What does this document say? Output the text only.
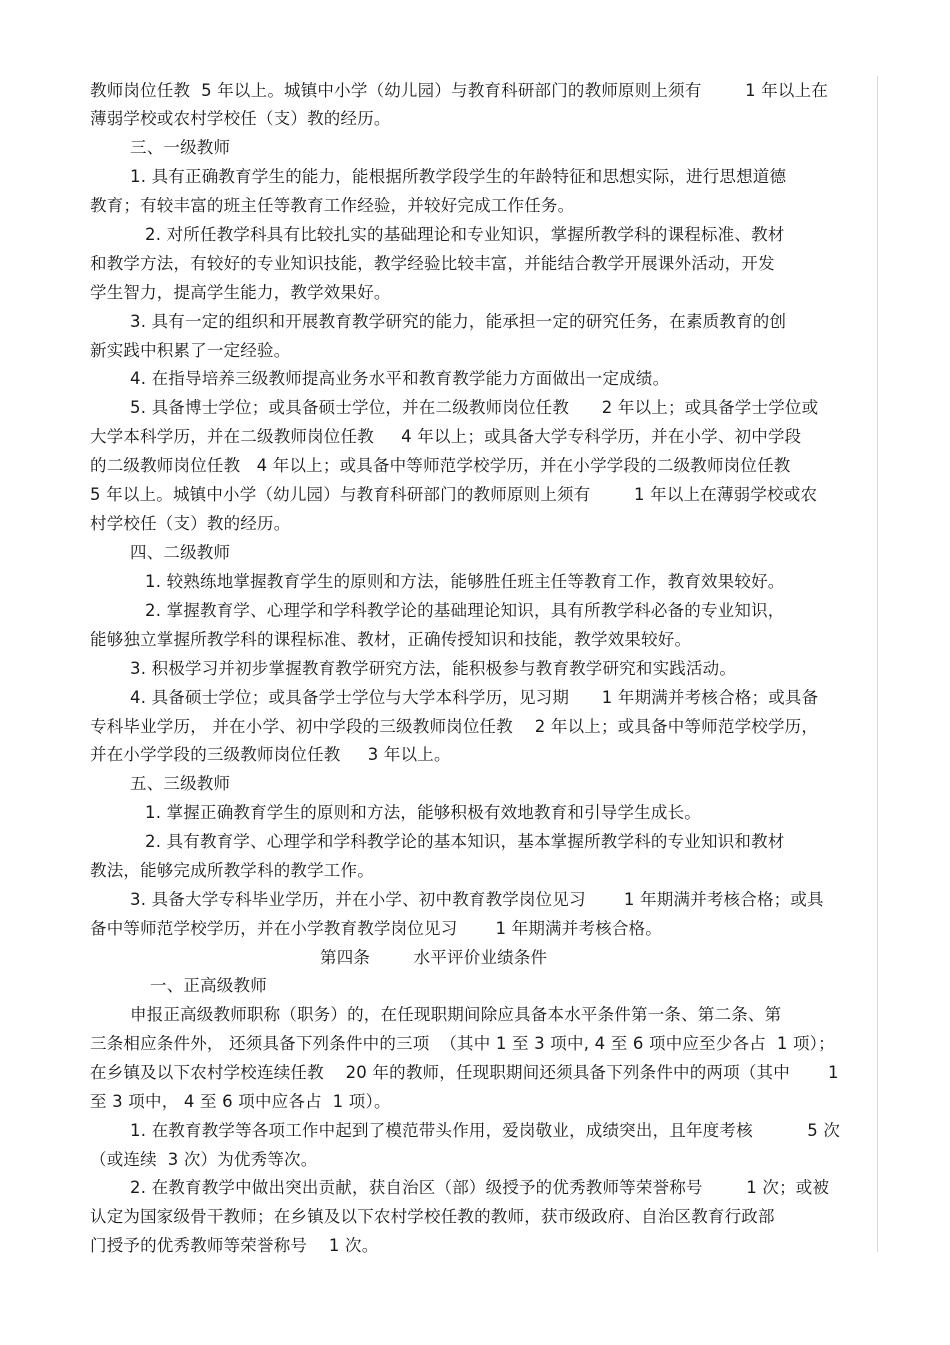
教师岗位任教  5 年以上。城镇中小学（幼儿园）与教育科研部门的教师原则上须有        1 年以上在
薄弱学校或农村学校任（支）教的经历。
三、一级教师
1. 具有正确教育学生的能力，能根据所教学段学生的年龄特征和思想实际，进行思想道德
教育；有较丰富的班主任等教育工作经验，并较好完成工作任务。
2. 对所任教学科具有比较扎实的基础理论和专业知识，掌握所教学科的课程标准、教材
和教学方法，有较好的专业知识技能，教学经验比较丰富，并能结合教学开展课外活动，开发
学生智力，提高学生能力，教学效果好。
3. 具有一定的组织和开展教育教学研究的能力，能承担一定的研究任务，在素质教育的创
新实践中积累了一定经验。
4. 在指导培养三级教师提高业务水平和教育教学能力方面做出一定成绩。
5. 具备博士学位；或具备硕士学位，并在二级教师岗位任教      2 年以上；或具备学士学位或
大学本科学历，并在二级教师岗位任教     4 年以上；或具备大学专科学历，并在小学、初中学段
的二级教师岗位任教   4 年以上；或具备中等师范学校学历，并在小学学段的二级教师岗位任教
5 年以上。城镇中小学（幼儿园）与教育科研部门的教师原则上须有        1 年以上在薄弱学校或农
村学校任（支）教的经历。
四、二级教师
1. 较熟练地掌握教育学生的原则和方法，能够胜任班主任等教育工作，教育效果较好。
2. 掌握教育学、心理学和学科教学论的基础理论知识，具有所教学科必备的专业知识，
能够独立掌握所教学科的课程标准、教材，正确传授知识和技能，教学效果较好。
3. 积极学习并初步掌握教育教学研究方法，能积极参与教育教学研究和实践活动。
4. 具备硕士学位；或具备学士学位与大学本科学历，见习期      1 年期满并考核合格；或具备
专科毕业学历， 并在小学、初中学段的三级教师岗位任教    2 年以上；或具备中等师范学校学历，
并在小学学段的三级教师岗位任教     3 年以上。
五、三级教师
1. 掌握正确教育学生的原则和方法，能够积极有效地教育和引导学生成长。
2. 具有教育学、心理学和学科教学论的基本知识，基本掌握所教学科的专业知识和教材
教法，能够完成所教学科的教学工作。
3. 具备大学专科毕业学历，并在小学、初中教育教学岗位见习       1 年期满并考核合格；或具
备中等师范学校学历，并在小学教育教学岗位见习       1 年期满并考核合格。
第四条        水平评价业绩条件
一、正高级教师
申报正高级教师职称（职务）的，在任现职期间除应具备本水平条件第一条、第二条、第
三条相应条件外， 还须具备下列条件中的三项  （其中 1 至 3 项中, 4 至 6 项中应至少各占  1 项）；
在乡镇及以下农村学校连续任教    20 年的教师，任现职期间还须具备下列条件中的两项（其中       1
至 3 项中， 4 至 6 项中应各占  1 项）。
1. 在教育教学等各项工作中起到了模范带头作用，爱岗敬业，成绩突出，且年度考核          5 次
（或连续  3 次）为优秀等次。
2. 在教育教学中做出突出贡献，获自治区（部）级授予的优秀教师等荣誉称号        1 次；或被
认定为国家级骨干教师；在乡镇及以下农村学校任教的教师，获市级政府、自治区教育行政部
门授予的优秀教师等荣誉称号    1 次。
